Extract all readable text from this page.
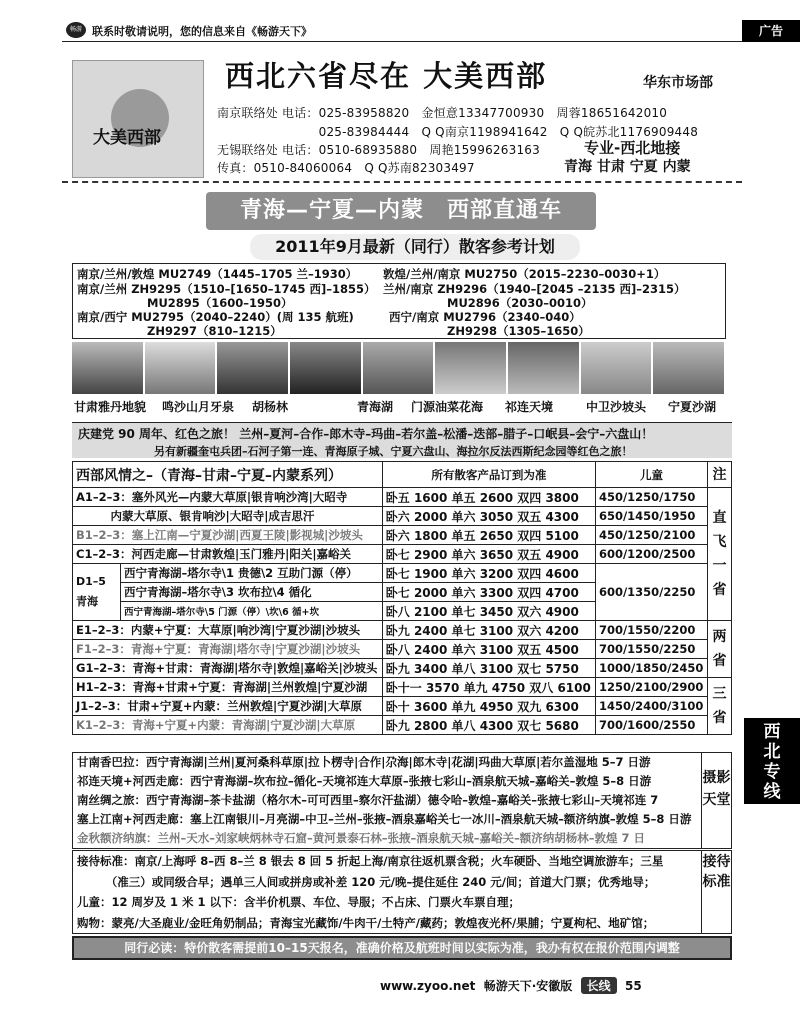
畅游 联系时敬请说明，您的信息来自《畅游天下》	广告
大美西部
西北六省尽在 大美西部	华东市场部
南京联络处 电话：025-83958820　金恒意13347700930　周蓉18651642010
　　　　　　　　 025-83984444　Q Q南京1198941642　Q Q皖苏北1176909448
无锡联络处 电话：0510-68935880　周艳15996263163
传真：0510-84060064　Q Q苏南82303497
专业-西北地接
青海 甘肃 宁夏 内蒙
青海—宁夏—内蒙　西部直通车
2011年9月最新（同行）散客参考计划
南京/兰州/敦煌 MU2749（1445–1705 兰–1930） 敦煌/兰州/南京 MU2750（2015–2230–0030+1）
南京/兰州 ZH9295（1510–[1650–1745 西]–1855） 兰州/南京 ZH9296（1940–[2045 –2135 西]–2315）
MU2895（1600–1950）	MU2896（2030–0010）
南京/西宁 MU2795（2040–2240）(周 135 航班)	西宁/南京 MU2796（2340–040）
ZH9297（810–1215）	ZH9298（1305–1650）
甘肃雅丹地貌 鸣沙山月牙泉 胡杨林	青海湖 门源油菜花海 祁连天境	中卫沙坡头 宁夏沙湖
庆建党 90 周年、红色之旅！ 兰州–夏河–合作–郎木寺–玛曲–若尔盖–松潘–迭部–腊子–口岷县–会宁–六盘山！
另有新疆奎屯兵团–石河子第一连、青海原子城、宁夏六盘山、海拉尔反法西斯纪念园等红色之旅！
西部风情之–（青海–甘肃–宁夏–内蒙系列）		所有散客产品订到为准	儿童	注
A1–2–3：塞外风光—内蒙大草原|银肯响沙湾|大昭寺		卧五 1600 单五 2600 双四 3800	450/1250/1750	直飞一省
　　　内蒙大草原、银肯响沙|大昭寺|成吉思汗		卧六 2000 单六 3050 双五 4300	650/1450/1950	
B1–2–3：塞上江南—宁夏沙湖|西夏王陵|影视城|沙坡头		卧六 1800 单五 2650 双四 5100	450/1250/2100	
C1–2–3：河西走廊—甘肃敦煌|玉门雅丹|阳关|嘉峪关		卧七 2900 单六 3650 双五 4900	600/1200/2500	

D1–5
青海	西宁青海湖–塔尔寺\1 贵德\2 互助门源（停）	卧七 1900 单六 3200 双四 4600	600/1350/2250	
	西宁青海湖–塔尔寺\3 坎布拉\4 循化	卧七 2000 单六 3300 双四 4700		
	西宁青海湖–塔尔寺\5 门源（停）\坎\6 循+坎	卧八 2100 单七 3450 双六 4900		
E1–2–3：内蒙+宁夏：大草原|响沙湾|宁夏沙湖|沙坡头		卧九 2400 单七 3100 双六 4200	700/1550/2200	两省
F1–2–3：青海+宁夏：青海湖|塔尔寺|宁夏沙湖|沙坡头		卧八 2400 单六 3100 双五 4500	700/1550/2250	
G1–2–3：青海+甘肃：青海湖|塔尔寺|敦煌|嘉峪关|沙坡头		卧九 3400 单八 3100 双七 5750	1000/1850/2450	
H1–2–3：青海+甘肃+宁夏：青海湖|兰州敦煌|宁夏沙湖		卧十一 3570 单九 4750 双八 6100	1250/2100/2900	三省
J1–2–3：甘肃+宁夏+内蒙：兰州敦煌|宁夏沙湖|大草原		卧十 3600 单九 4950 双九 6300	1450/2400/3100	
K1–2–3：青海+宁夏+内蒙：青海湖|宁夏沙湖|大草原		卧九 2800 单八 4300 双七 5680	700/1600/2550	
摄影天堂
甘南香巴拉：西宁青海湖|兰州|夏河桑科草原|拉卜楞寺|合作|尕海|郎木寺|花湖|玛曲大草原|若尔盖湿地 5–7 日游
祁连天境+河西走廊：西宁青海湖–坎布拉–循化–天境祁连大草原–张掖七彩山–酒泉航天城–嘉峪关–敦煌 5–8 日游
南丝绸之旅：西宁青海湖–茶卡盐湖（格尔木–可可西里–察尔汗盐湖）德令哈–敦煌–嘉峪关–张掖七彩山–天境祁连 7
塞上江南+河西走廊：塞上江南银川–月亮湖–中卫–兰州–张掖–酒泉嘉峪关七一冰川–酒泉航天城–额济纳旗–敦煌 5–8 日游
金秋额济纳旗：兰州–天水–刘家峡炳林寺石窟–黄河景泰石林–张掖–酒泉航天城–嘉峪关–额济纳胡杨林–敦煌 7 日
接待标准
接待标准：南京/上海呼 8–西 8–兰 8 银去 8 回 5 折起上海/南京往返机票含税；火车硬卧、当地空调旅游车；三星
　　　（准三）或同级合早；遇单三人间或拼房或补差 120 元/晚–提住延住 240 元/间；首道大门票；优秀地导；
儿童：12 周岁及 1 米 1 以下：含半价机票、车位、导服；不占床、门票火车票自理；
购物：蒙亮/大圣鹿业/金旺角奶制品；青海宝光藏饰/牛肉干/土特产/藏药；敦煌夜光杯/果脯；宁夏枸杞、地矿馆；
同行必读：特价散客需提前10–15天报名，准确价格及航班时间以实际为准，我办有权在报价范围内调整
西北专线
www.zyoo.net 畅游天下·安徽版 长线 55
